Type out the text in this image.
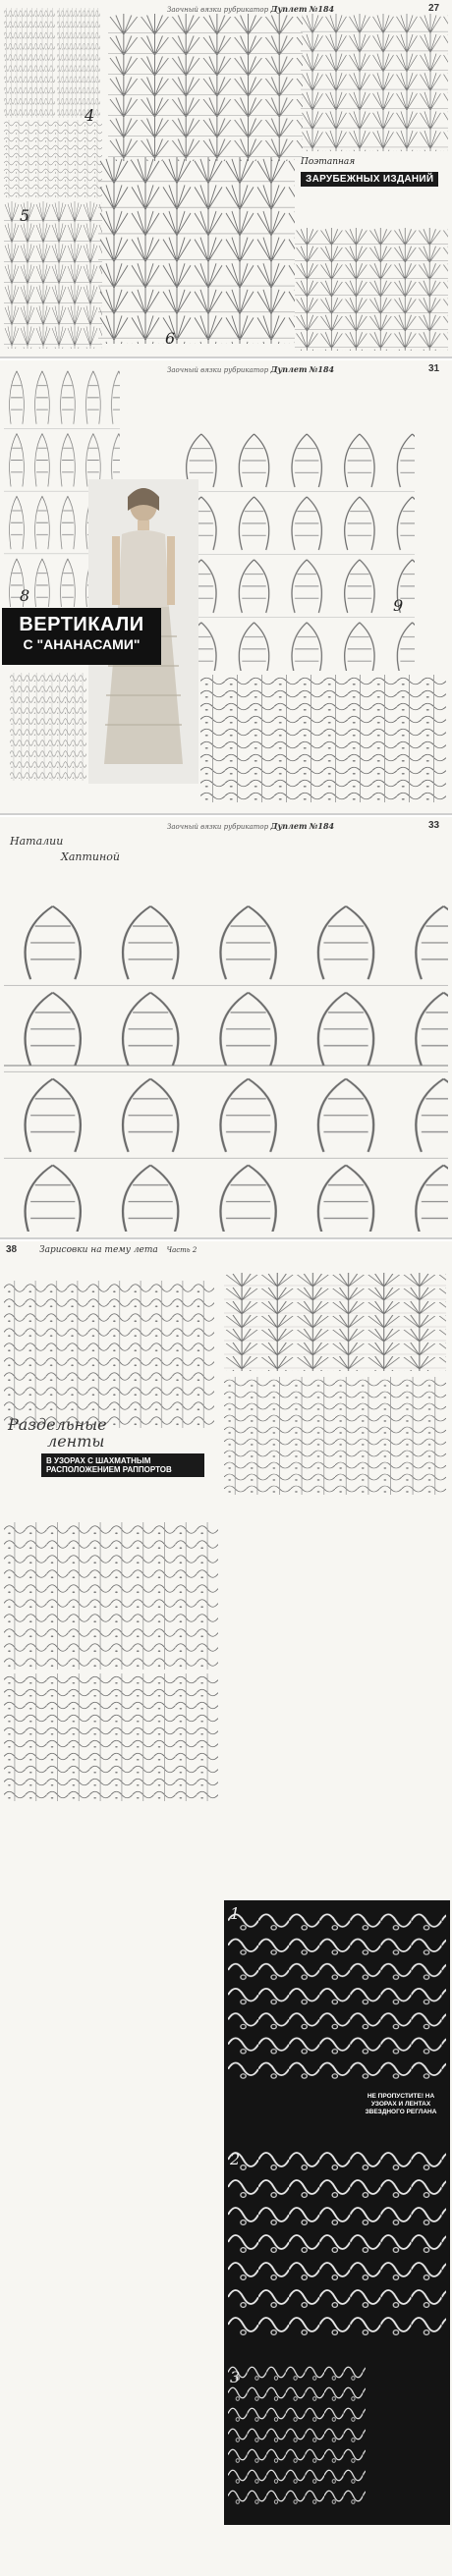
Заочный вязки рубрикатор Дуплет №184	27
4
5
6
Поэтапная
ЗАРУБЕЖНЫХ ИЗДАНИЙ
Заочный вязки рубрикатор Дуплет №184	31
8
9
ВЕРТИКАЛИ
С "АНАНАСАМИ"
Заочный вязки рубрикатор Дуплет №184	33
Наталии
Хаптиной
38	Зарисовки на тему лета Часть 2
Раздельные
ленты
В УЗОРАХ С ШАХМАТНЫМ РАСПОЛОЖЕНИЕМ РАППОРТОВ
1
2
3
НЕ ПРОПУСТИТЕ! НА УЗОРАХ И ЛЕНТАХ ЗВЕЗДНОГО РЕГЛАНА
